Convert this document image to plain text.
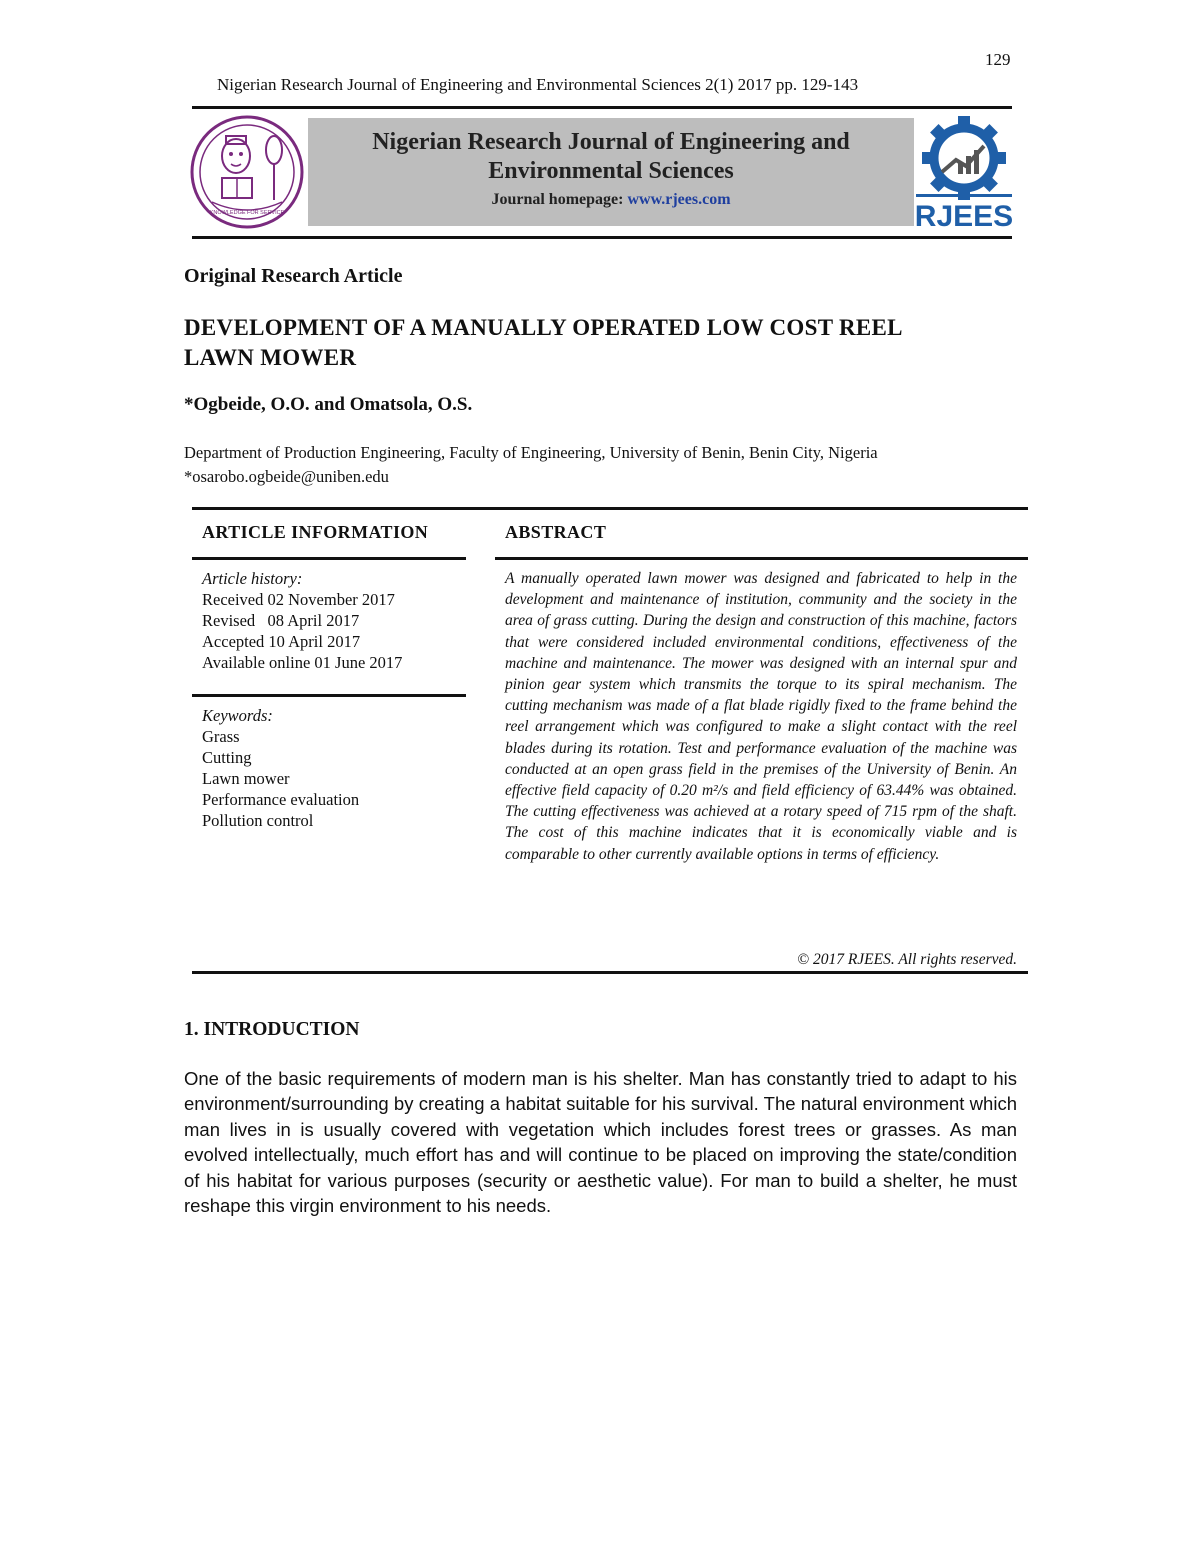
129
Nigerian Research Journal of Engineering and Environmental Sciences 2(1) 2017 pp. 129-143
KNOWLEDGE FOR SERVICE
Nigerian Research Journal of Engineering and
Environmental Sciences
Journal homepage: www.rjees.com
RJEES
Original Research Article
DEVELOPMENT OF A MANUALLY OPERATED LOW COST REEL
LAWN MOWER
*Ogbeide, O.O. and Omatsola, O.S.
Department of Production Engineering, Faculty of Engineering, University of Benin, Benin City, Nigeria
*osarobo.ogbeide@uniben.edu
ARTICLE INFORMATION
Article history:
Received 02 November 2017
Revised   08 April 2017
Accepted 10 April 2017
Available online 01 June 2017
Keywords:
Grass
Cutting
Lawn mower
Performance evaluation
Pollution control
ABSTRACT
A manually operated lawn mower was designed and fabricated to help in the development and maintenance of institution, community and the society in the area of grass cutting. During the design and construction of this machine, factors that were considered included environmental conditions, effectiveness of the machine and maintenance. The mower was designed with an internal spur and pinion gear system which transmits the torque to its spiral mechanism. The cutting mechanism was made of a flat blade rigidly fixed to the frame behind the reel arrangement which was configured to make a slight contact with the reel blades during its rotation. Test and performance evaluation of the machine was conducted at an open grass field in the premises of the University of Benin. An effective field capacity of 0.20 m²/s and field efficiency of 63.44% was obtained. The cutting effectiveness was achieved at a rotary speed of 715 rpm of the shaft. The cost of this machine indicates that it is economically viable and is comparable to other currently available options in terms of efficiency.
© 2017 RJEES. All rights reserved.
1. INTRODUCTION
One of the basic requirements of modern man is his shelter. Man has constantly tried to adapt to his environment/surrounding by creating a habitat suitable for his survival. The natural environment which man lives in is usually covered with vegetation which includes forest trees or grasses. As man evolved intellectually, much effort has and will continue to be placed on improving the state/condition of his habitat for various purposes (security or aesthetic value). For man to build a shelter, he must reshape this virgin environment to his needs.
